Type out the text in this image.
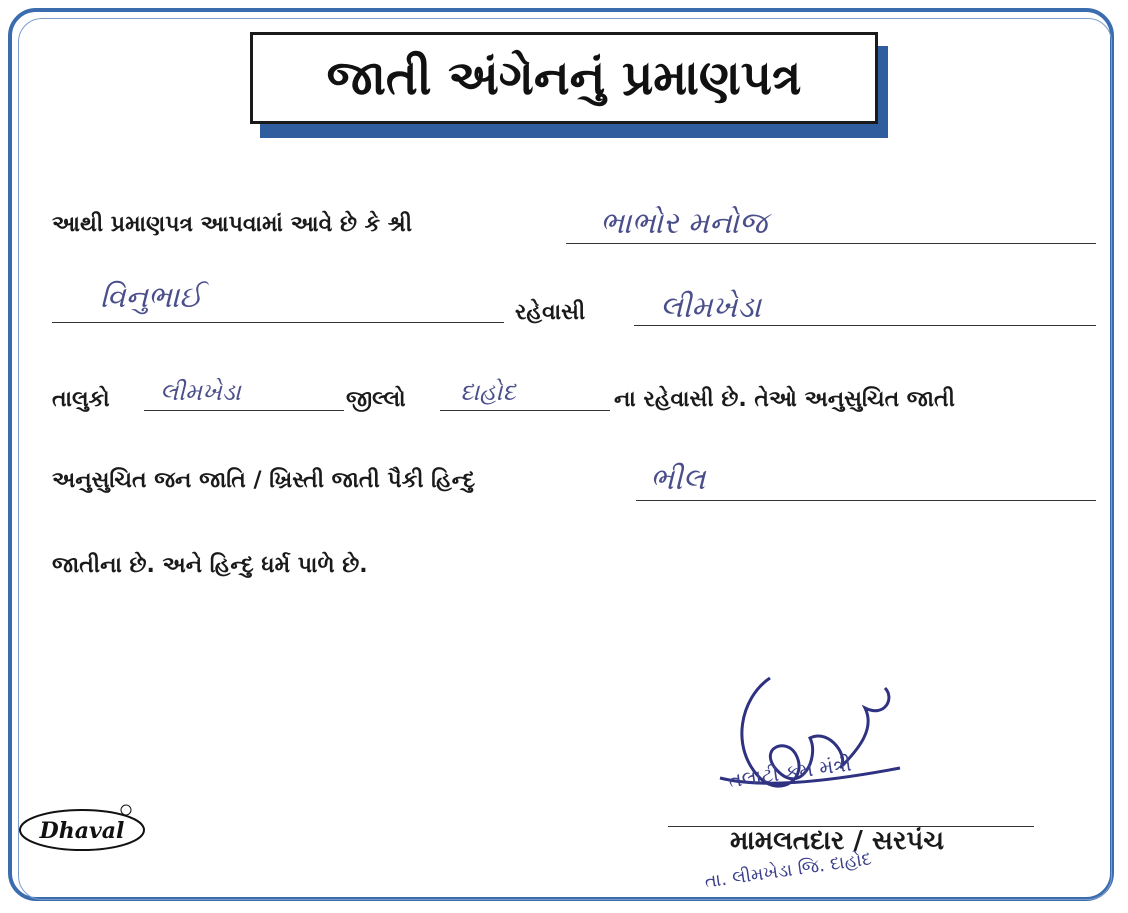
જાતી અંગેનનું પ્રમાણપત્ર
આથી પ્રમાણપત્ર આપવામાં આવે છે કે શ્રી	ભાભોર મનોજ
વિનુભાઈ	રહેવાસી લીમખેડા
તાલુકો લીમખેડા	જીલ્લો દાહોદ	ના રહેવાસી છે. તેઓ અનુસુચિત જાતી
અનુસુચિત જન જાતિ / ખ્રિસ્તી જાતી પૈકી હિન્દુ	ભીલ
જાતીના છે. અને હિન્દુ ધર્મ પાળે છે.
Dhaval
તલાટી કમ મંત્રી
મામલતદાર / સરપંચ
તા. લીમખેડા જિ. દાહોદ
